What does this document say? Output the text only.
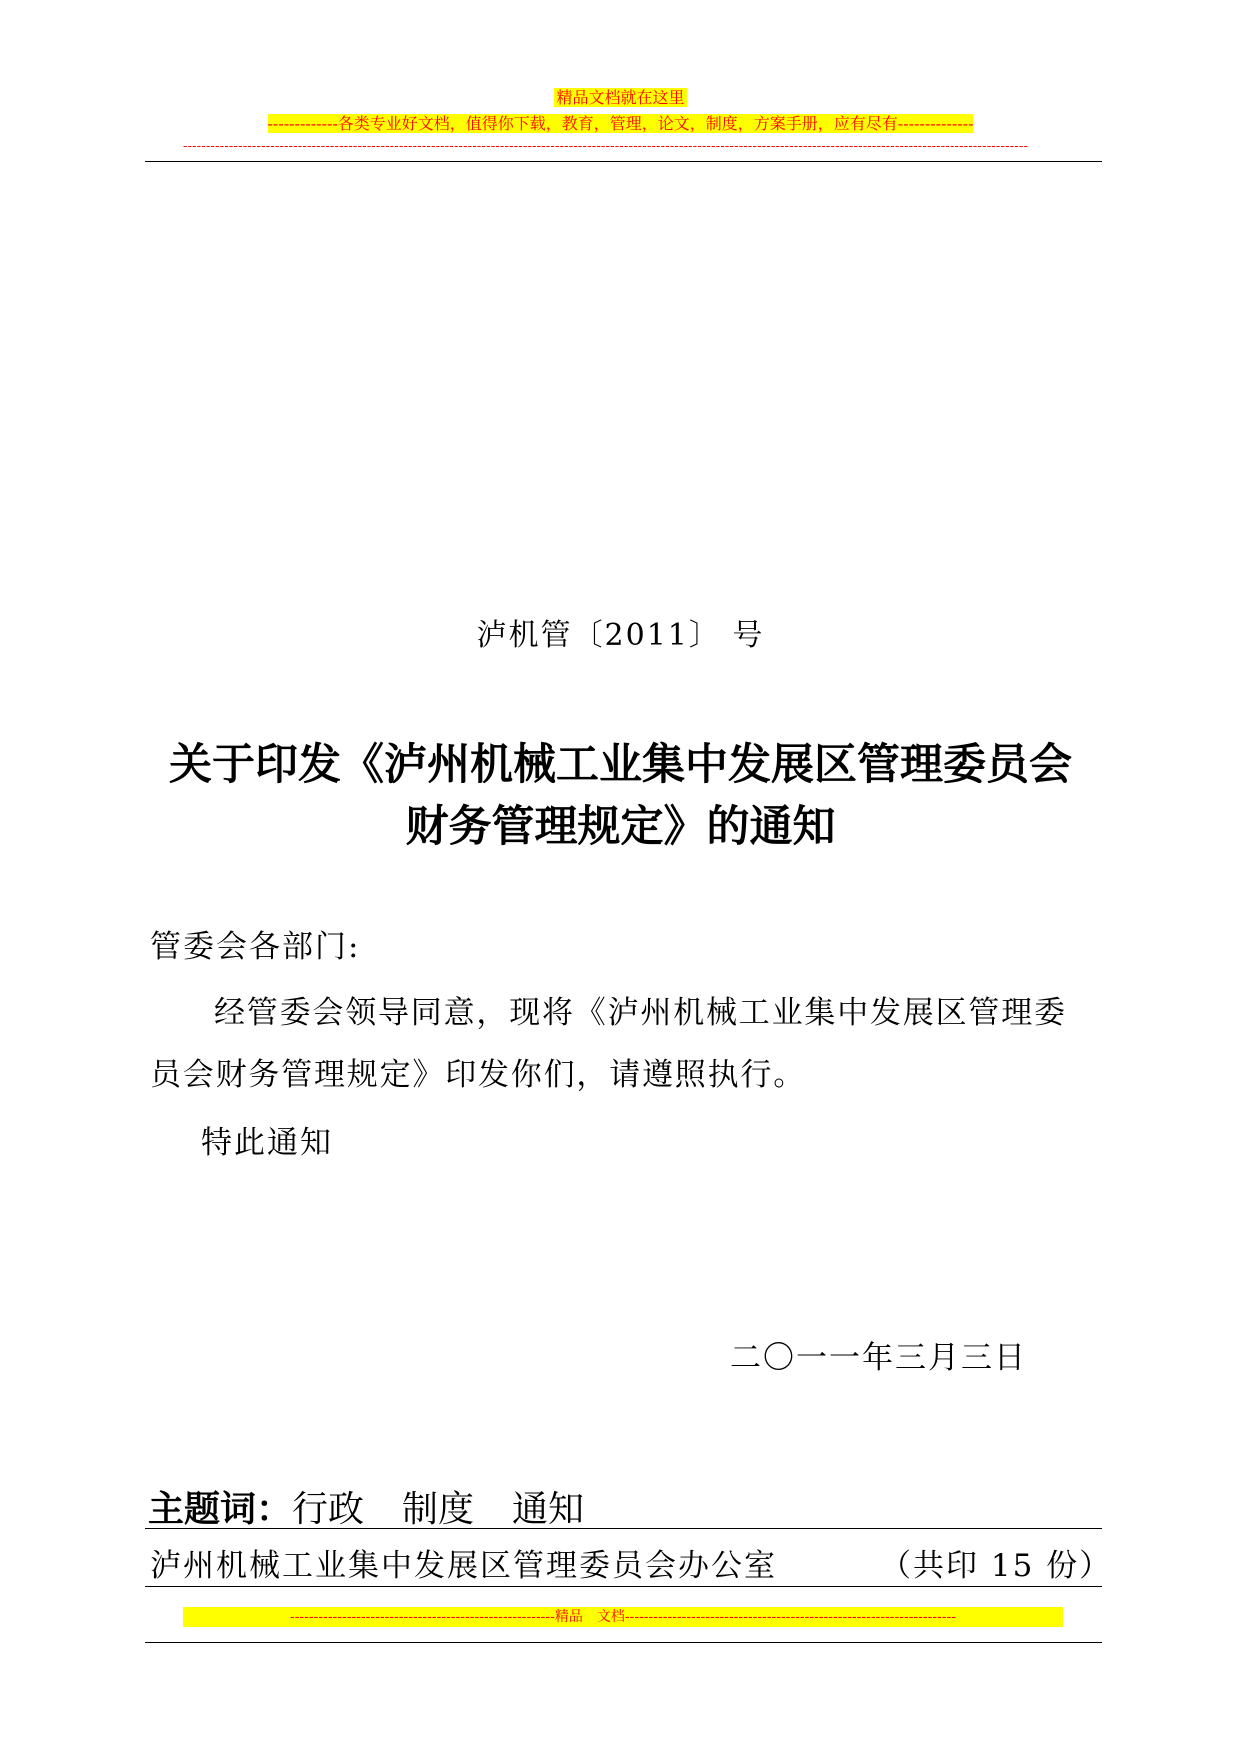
精品文档就在这里
-------------各类专业好文档，值得你下载，教育，管理，论文，制度，方案手册，应有尽有--------------
----------------------------------------------------------------------------------------------------------------------------------------------------------------------------------------
泸机管〔2011〕 号
关于印发《泸州机械工业集中发展区管理委员会
财务管理规定》的通知
管委会各部门:
经管委会领导同意，现将《泸州机械工业集中发展区管理委员会财务管理规定》印发你们，请遵照执行。
特此通知
二〇一一年三月三日
主题词：行政 制度 通知
泸州机械工业集中发展区管理委员会办公室	（共印 15 份）
--------------------------------------------------------精品　文档----------------------------------------------------------------------
